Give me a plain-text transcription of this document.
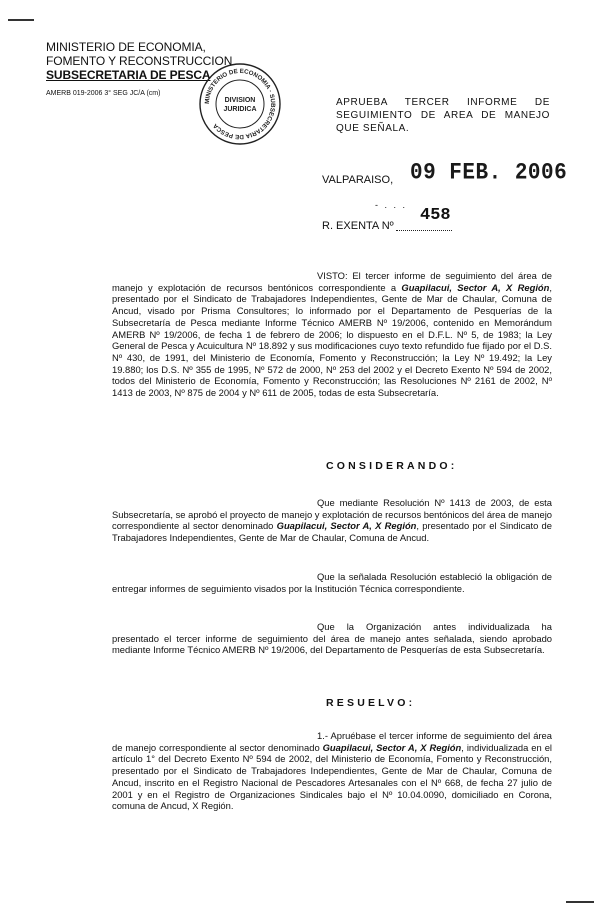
MINISTERIO DE ECONOMIA,
FOMENTO Y RECONSTRUCCION
SUBSECRETARIA DE PESCA
AMERB 019-2006 3° SEG JC/A (cm)
MINISTERIO DE ECONOMIA · SUBSECRETARIA DE PESCA
DIVISION
JURIDICA
APRUEBA TERCER INFORME DE SEGUIMIENTO DE AREA DE MANEJO QUE SEÑALA.
VALPARAISO, 09 FEB. 2006
- . . .
R. EXENTA Nº
458
VISTO: El tercer informe de seguimiento del área de manejo y explotación de recursos bentónicos correspondiente a Guapilacui, Sector A, X Región, presentado por el Sindicato de Trabajadores Independientes, Gente de Mar de Chaular, Comuna de Ancud, visado por Prisma Consultores; lo informado por el Departamento de Pesquerías de la Subsecretaría de Pesca mediante Informe Técnico AMERB Nº 19/2006, contenido en Memorándum AMERB Nº 19/2006, de fecha 1 de febrero de 2006; lo dispuesto en el D.F.L. Nº 5, de 1983; la Ley General de Pesca y Acuicultura Nº 18.892 y sus modificaciones cuyo texto refundido fue fijado por el D.S. Nº 430, de 1991, del Ministerio de Economía, Fomento y Reconstrucción; la Ley Nº 19.492; la Ley 19.880; los D.S. Nº 355 de 1995, Nº 572 de 2000, Nº 253 del 2002 y el Decreto Exento Nº 594 de 2002, todos del Ministerio de Economía, Fomento y Reconstrucción; las Resoluciones Nº 2161 de 2002, Nº 1413 de 2003, Nº 875 de 2004 y Nº 611 de 2005, todas de esta Subsecretaría.
CONSIDERANDO:
Que mediante Resolución Nº 1413 de 2003, de esta Subsecretaría, se aprobó el proyecto de manejo y explotación de recursos bentónicos del área de manejo correspondiente al sector denominado Guapilacui, Sector A, X Región, presentado por el Sindicato de Trabajadores Independientes, Gente de Mar de Chaular, Comuna de Ancud.
Que la señalada Resolución estableció la obligación de entregar informes de seguimiento visados por la Institución Técnica correspondiente.
Que la Organización antes individualizada ha presentado el tercer informe de seguimiento del área de manejo antes señalada, siendo aprobado mediante Informe Técnico AMERB Nº 19/2006, del Departamento de Pesquerías de esta Subsecretaría.
RESUELVO:
1.- Apruébase el tercer informe de seguimiento del área de manejo correspondiente al sector denominado Guapilacui, Sector A, X Región, individualizada en el artículo 1° del Decreto Exento Nº 594 de 2002, del Ministerio de Economía, Fomento y Reconstrucción, presentado por el Sindicato de Trabajadores Independientes, Gente de Mar de Chaular, Comuna de Ancud, inscrito en el Registro Nacional de Pescadores Artesanales con el Nº 668, de fecha 27 julio de 2001 y en el Registro de Organizaciones Sindicales bajo el Nº 10.04.0090, domiciliado en Corona, comuna de Ancud, X Región.
